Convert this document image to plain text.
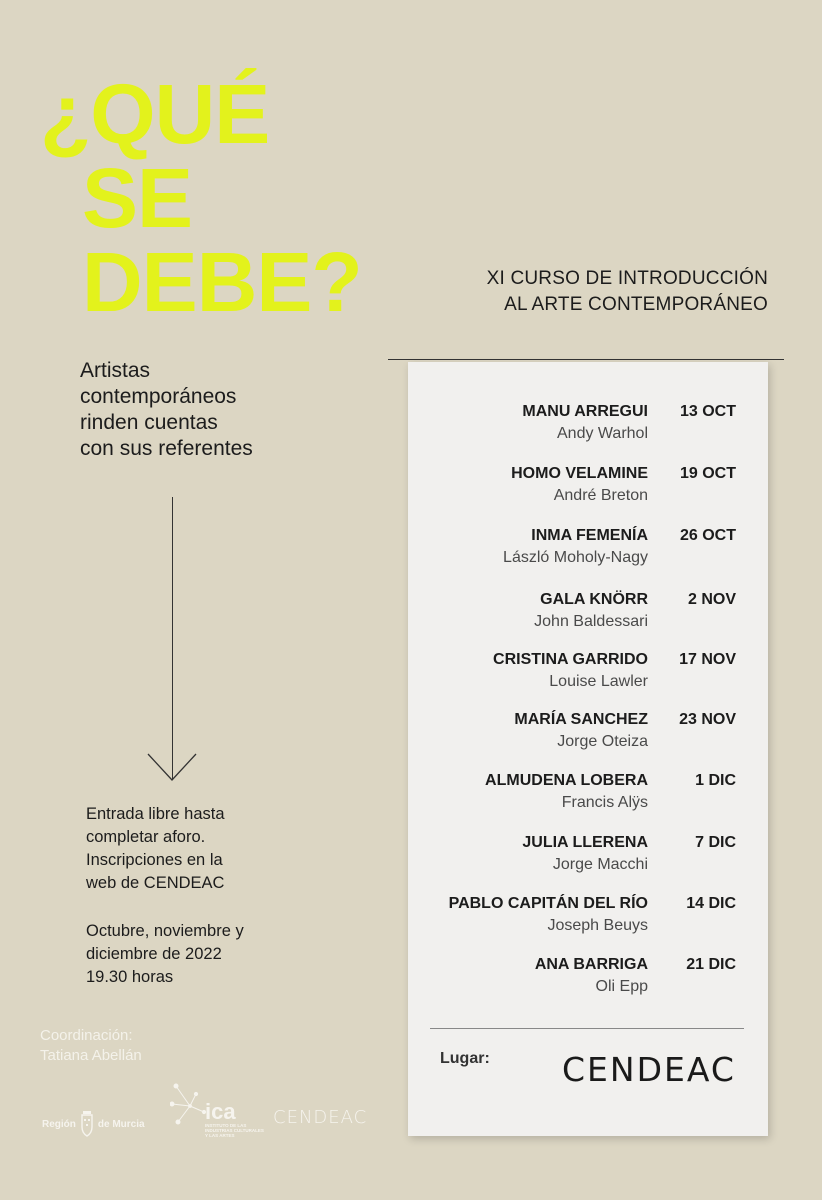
¿QUÉ
SE
DEBE?	XI CURSO DE INTRODUCCIÓN
AL ARTE CONTEMPORÁNEO
Artistas
contemporáneos
rinden cuentas
con sus referentes
Entrada libre hasta
completar aforo.
Inscripciones en la
web de CENDEAC
Octubre, noviembre y
diciembre de 2022
19.30 horas
Coordinación:
Tatiana Abellán
Región de Murcia	ica
INSTITUTO DE LAS INDUSTRIAS CULTURALES Y LAS ARTES
CENDEAC
MANU ARREGUI
Andy Warhol
13 OCT
HOMO VELAMINE
André Breton
19 OCT
INMA FEMENÍA
László Moholy-Nagy
26 OCT
GALA KNÖRR
John Baldessari
2 NOV
CRISTINA GARRIDO
Louise Lawler
17 NOV
MARÍA SANCHEZ
Jorge Oteiza
23 NOV
ALMUDENA LOBERA
Francis Alÿs
1 DIC
JULIA LLERENA
Jorge Macchi
7 DIC
PABLO CAPITÁN DEL RÍO
Joseph Beuys
14 DIC
ANA BARRIGA
Oli Epp
21 DIC
Lugar: CENDEAC
